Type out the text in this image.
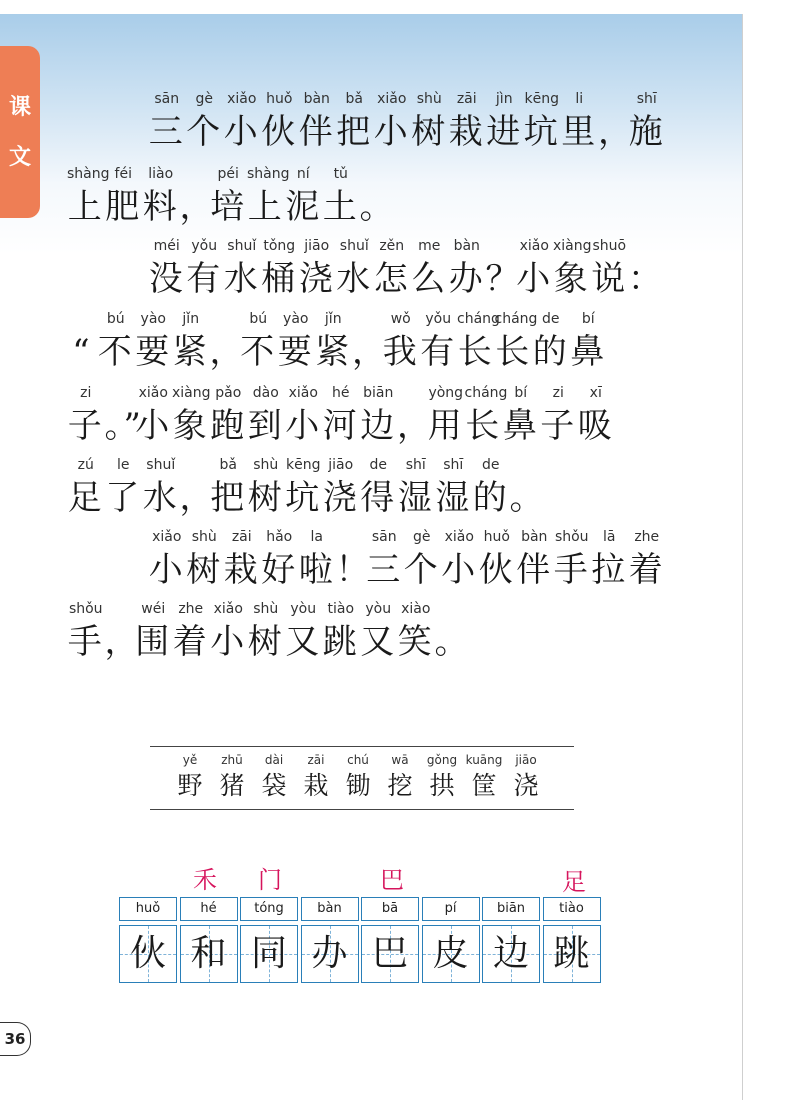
课
文
sān
三
gè
个
xiǎo
小
huǒ
伙
bàn
伴
bǎ
把
xiǎo
小
shù
树
zāi
栽
jìn
进
kēng
坑
li
里 ，
shī
施
shàng
上
féi
肥
liào
料 ，
péi
培
shàng
上
ní
泥
tǔ
土 。
méi
没
yǒu
有
shuǐ
水
tǒng
桶
jiāo
浇
shuǐ
水
zěn
怎
me
么
bàn
办 ？
xiǎo
小
xiàng
象
shuō
说 ：
“
bú
不
yào
要
jǐn
紧 ，
bú
不
yào
要
jǐn
紧 ，
wǒ
我
yǒu
有
cháng
长
cháng
长
de
的
bí
鼻
zi
子 。”
xiǎo
小
xiàng
象
pǎo
跑
dào
到
xiǎo
小
hé
河
biān
边 ，
yòng
用
cháng
长
bí
鼻
zi
子
xī
吸
zú
足
le
了
shuǐ
水 ，
bǎ
把
shù
树
kēng
坑
jiāo
浇
de
得
shī
湿
shī
湿
de
的 。
xiǎo
小
shù
树
zāi
栽
hǎo
好
la
啦 ！
sān
三
gè
个
xiǎo
小
huǒ
伙
bàn
伴
shǒu
手
lā
拉
zhe
着
shǒu
手 ，
wéi
围
zhe
着
xiǎo
小
shù
树
yòu
又
tiào
跳
yòu
又
xiào
笑 。
yě
野
zhū
猪
dài
袋
zāi
栽
chú
锄
wā
挖
gǒng
拱
kuāng
筐
jiāo
浇
禾 门	巴	足
huǒ
伙
hé
和
tóng
同
bàn
办
bā
巴
pí
皮
biān
边
tiào
跳
36
